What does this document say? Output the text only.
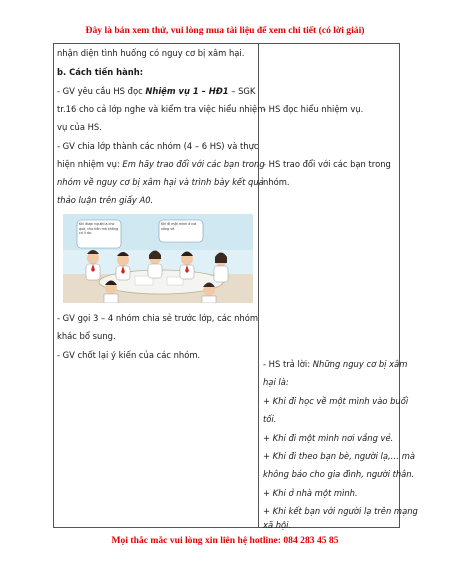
Đây là bản xem thử, vui lòng mua tài liệu để xem chi tiết (có lời giải)
nhận diện tình huống có nguy cơ bị xâm hại.
b. Cách tiến hành:
- GV yêu cầu HS đọc Nhiệm vụ 1 – HĐ1 – SGK
tr.16 cho cả lớp nghe và kiểm tra việc hiểu nhiệm
vụ của HS.
- GV chia lớp thành các nhóm (4 – 6 HS) và thực
hiện nhiệm vụ: Em hãy trao đổi với các bạn trong
nhóm về nguy cơ bị xâm hại và trình bày kết quả
thảo luận trên giấy A0.
Khi được người lạ cho quà, cho tiền mà không có lí do.
Khi đi một mình ở nơi vắng vẻ.
- GV gọi 3 – 4 nhóm chia sẻ trước lớp, các nhóm
khác bổ sung.
- GV chốt lại ý kiến của các nhóm.
- HS đọc hiểu nhiệm vụ.
- HS trao đổi với các bạn trong
nhóm.
- HS trả lời: Những nguy cơ bị xâm
hại là:
+ Khi đi học về một mình vào buổi
tối.
+ Khi đi một mình nơi vắng vẻ.
+ Khi đi theo bạn bè, người lạ,… mà
không báo cho gia đình, người thân.
+ Khi ở nhà một mình.
+ Khi kết bạn với người lạ trên mạng
xã hội.
Mọi thắc mắc vui lòng xin liên hệ hotline: 084 283 45 85
